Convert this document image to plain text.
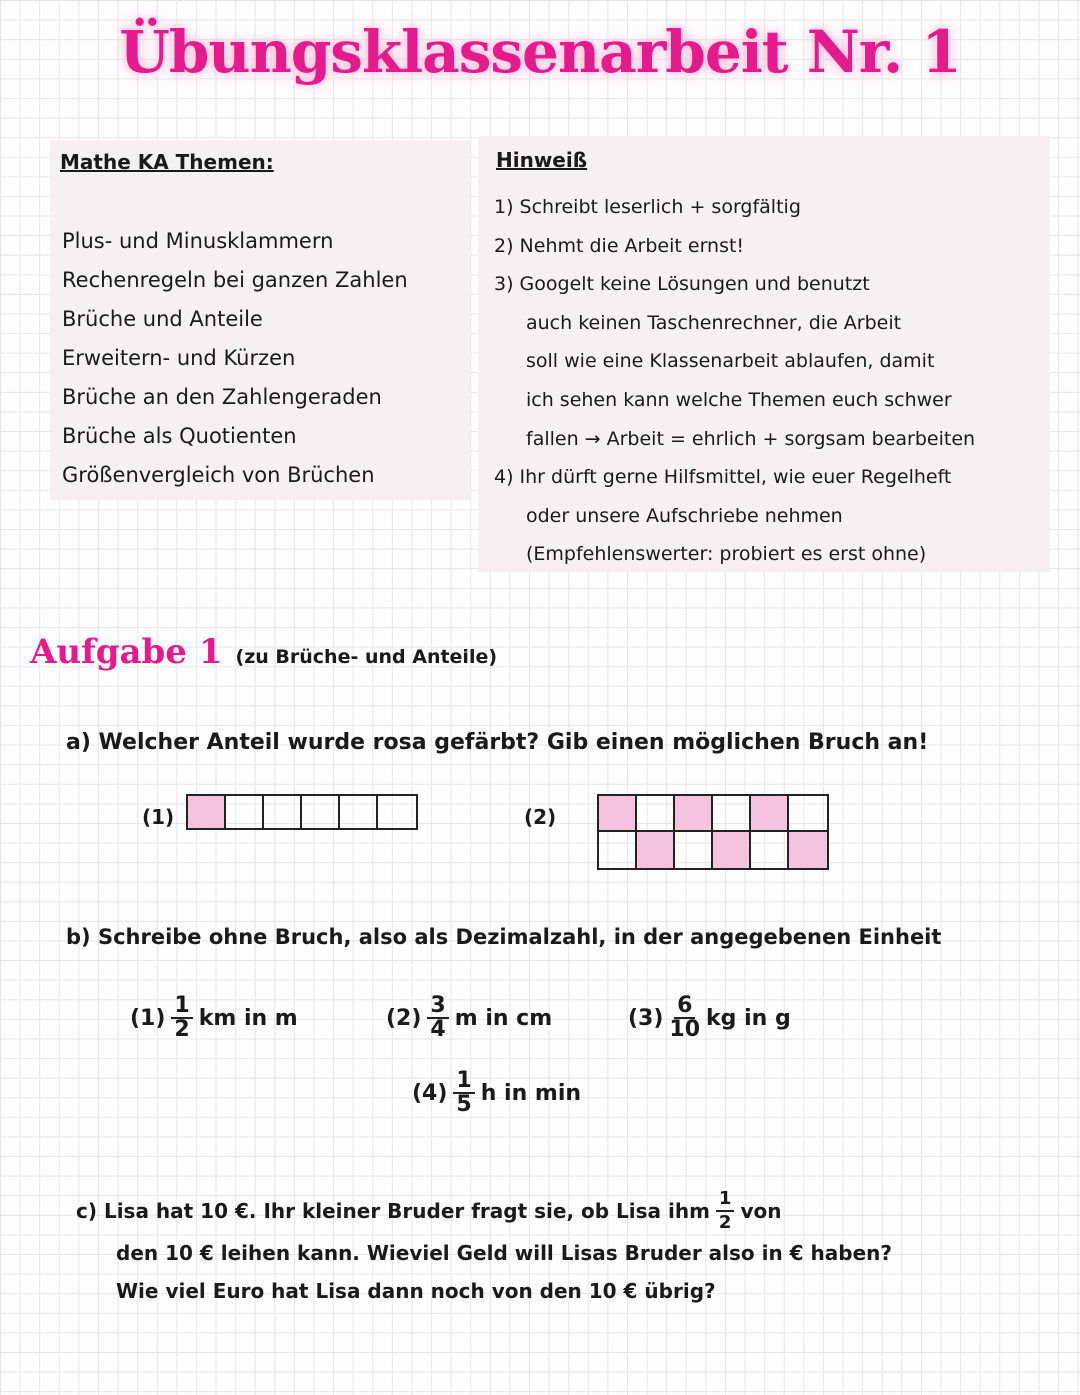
Übungsklassenarbeit Nr. 1
Mathe KA Themen:
Plus- und Minusklammern
Rechenregeln bei ganzen Zahlen
Brüche und Anteile
Erweitern- und Kürzen
Brüche an den Zahlengeraden
Brüche als Quotienten
Größenvergleich von Brüchen
Hinweiß
1) Schreibt leserlich + sorgfältig
2) Nehmt die Arbeit ernst!
3) Googelt keine Lösungen und benutzt
auch keinen Taschenrechner, die Arbeit
soll wie eine Klassenarbeit ablaufen, damit
ich sehen kann welche Themen euch schwer
fallen → Arbeit = ehrlich + sorgsam bearbeiten
4) Ihr dürft gerne Hilfsmittel, wie euer Regelheft
oder unsere Aufschriebe nehmen
(Empfehlenswerter: probiert es erst ohne)
Aufgabe 1 (zu Brüche- und Anteile)
a) Welcher Anteil wurde rosa gefärbt? Gib einen möglichen Bruch an!
(1)	(2)
b) Schreibe ohne Bruch, also als Dezimalzahl, in der angegebenen Einheit
$(1) \frac{1}{2}$ km in m	$(2) \frac{3}{4}$ m in cm	$(3) \frac{6}{10}$ kg in g
$(4) \frac{1}{5}$ h in min
c) Lisa hat 10 €. Ihr kleiner Bruder fragt sie, ob Lisa ihm $\frac{1}{2}$ von
den 10 € leihen kann. Wieviel Geld will Lisas Bruder also in € haben?
Wie viel Euro hat Lisa dann noch von den 10 € übrig?
